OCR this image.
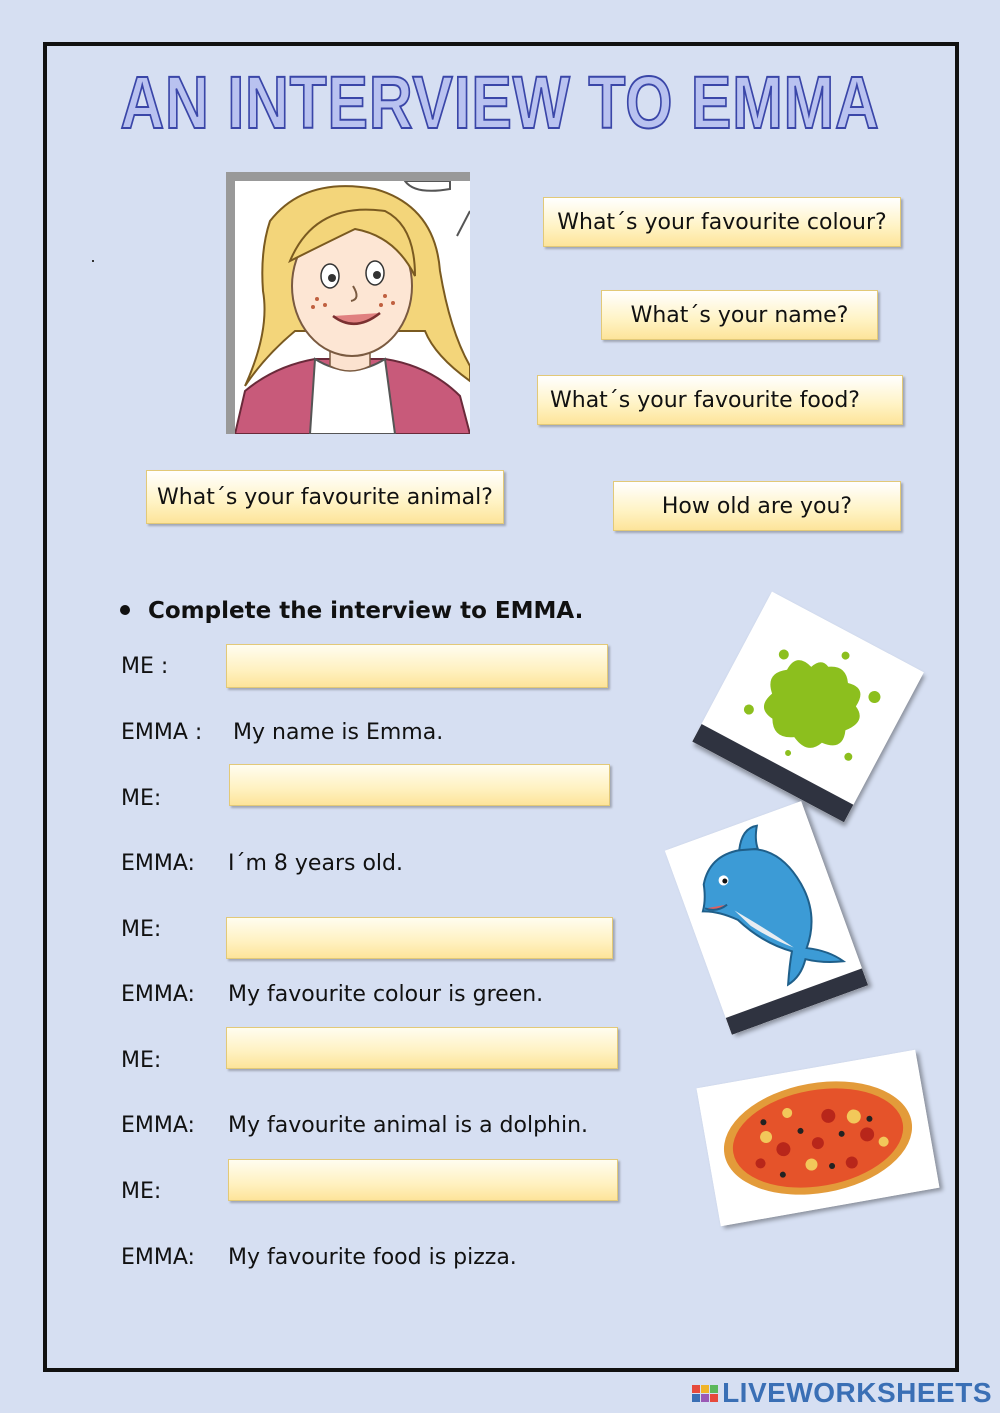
AN INTERVIEW TO EMMA
What´s your favourite colour?
What´s your name?
What´s your favourite food?
What´s your favourite animal?	How old are you?
Complete the interview to EMMA.
ME :
EMMA : My name is Emma.
ME:
EMMA: I´m 8 years old.
ME:
EMMA: My favourite colour is green.
ME:
EMMA: My favourite animal is a dolphin.
ME:
EMMA: My favourite food is pizza.
LIVEWORKSHEETS
